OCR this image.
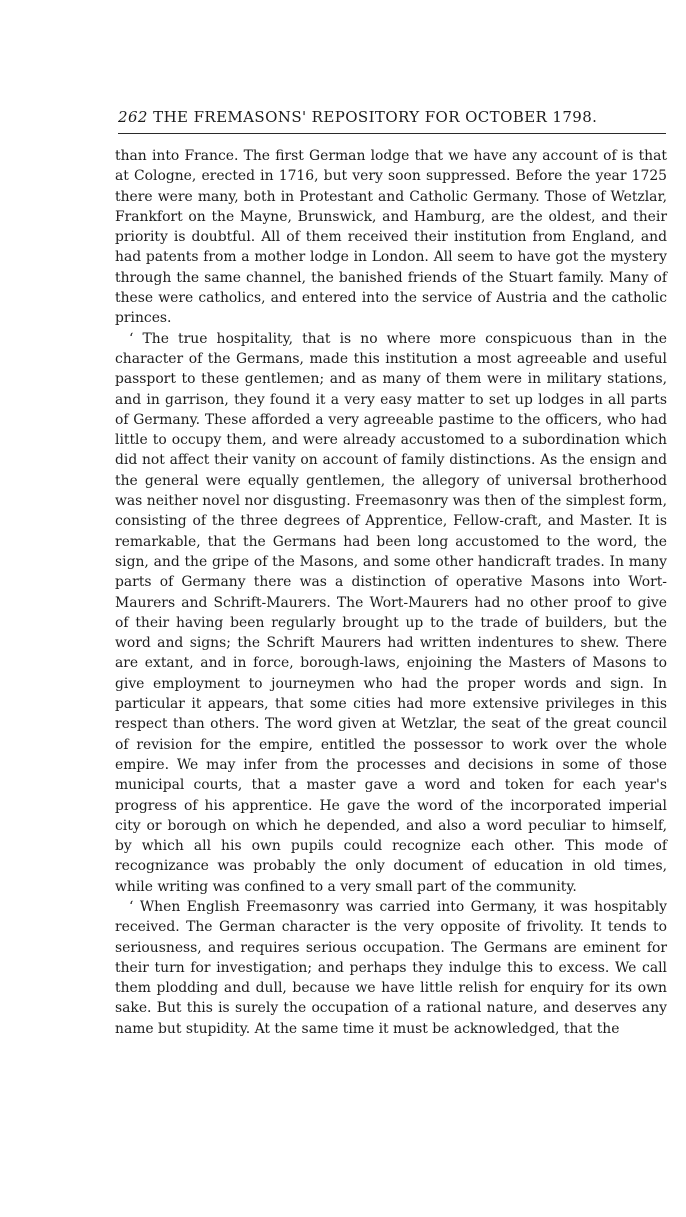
262 THE FREMASONS' REPOSITORY FOR OCTOBER 1798.

than into France. The first German lodge that we have any account of is that at Cologne, erected in 1716, but very soon suppressed. Before the year 1725 there were many, both in Protestant and Catholic Germany. Those of Wetzlar, Frankfort on the Mayne, Brunswick, and Hamburg, are the oldest, and their priority is doubtful. All of them received their institution from England, and had patents from a mother lodge in London. All seem to have got the mystery through the same channel, the banished friends of the Stuart family. Many of these were catholics, and entered into the service of Austria and the catholic princes.

‘ The true hospitality, that is no where more conspicuous than in the character of the Germans, made this institution a most agreeable and useful passport to these gentlemen; and as many of them were in military stations, and in garrison, they found it a very easy matter to set up lodges in all parts of Germany. These afforded a very agreeable pastime to the officers, who had little to occupy them, and were already accustomed to a subordination which did not affect their vanity on account of family distinctions. As the ensign and the general were equally gentlemen, the allegory of universal brotherhood was neither novel nor disgusting. Freemasonry was then of the simplest form, consisting of the three degrees of Apprentice, Fellow-craft, and Master. It is remarkable, that the Germans had been long accustomed to the word, the sign, and the gripe of the Masons, and some other handicraft trades. In many parts of Germany there was a distinction of operative Masons into Wort-Maurers and Schrift-Maurers. The Wort-Maurers had no other proof to give of their having been regularly brought up to the trade of builders, but the word and signs; the Schrift Maurers had written indentures to shew. There are extant, and in force, borough-laws, enjoining the Masters of Masons to give employment to journeymen who had the proper words and sign. In particular it appears, that some cities had more extensive privileges in this respect than others. The word given at Wetzlar, the seat of the great council of revision for the empire, entitled the possessor to work over the whole empire. We may infer from the processes and decisions in some of those municipal courts, that a master gave a word and token for each year's progress of his apprentice. He gave the word of the incorporated imperial city or borough on which he depended, and also a word peculiar to himself, by which all his own pupils could recognize each other. This mode of recognizance was probably the only document of education in old times, while writing was confined to a very small part of the community.

‘ When English Freemasonry was carried into Germany, it was hospitably received. The German character is the very opposite of frivolity. It tends to seriousness, and requires serious occupation. The Germans are eminent for their turn for investigation; and perhaps they indulge this to excess. We call them plodding and dull, because we have little relish for enquiry for its own sake. But this is surely the occupation of a rational nature, and deserves any name but stupidity. At the same time it must be acknowledged, that the
